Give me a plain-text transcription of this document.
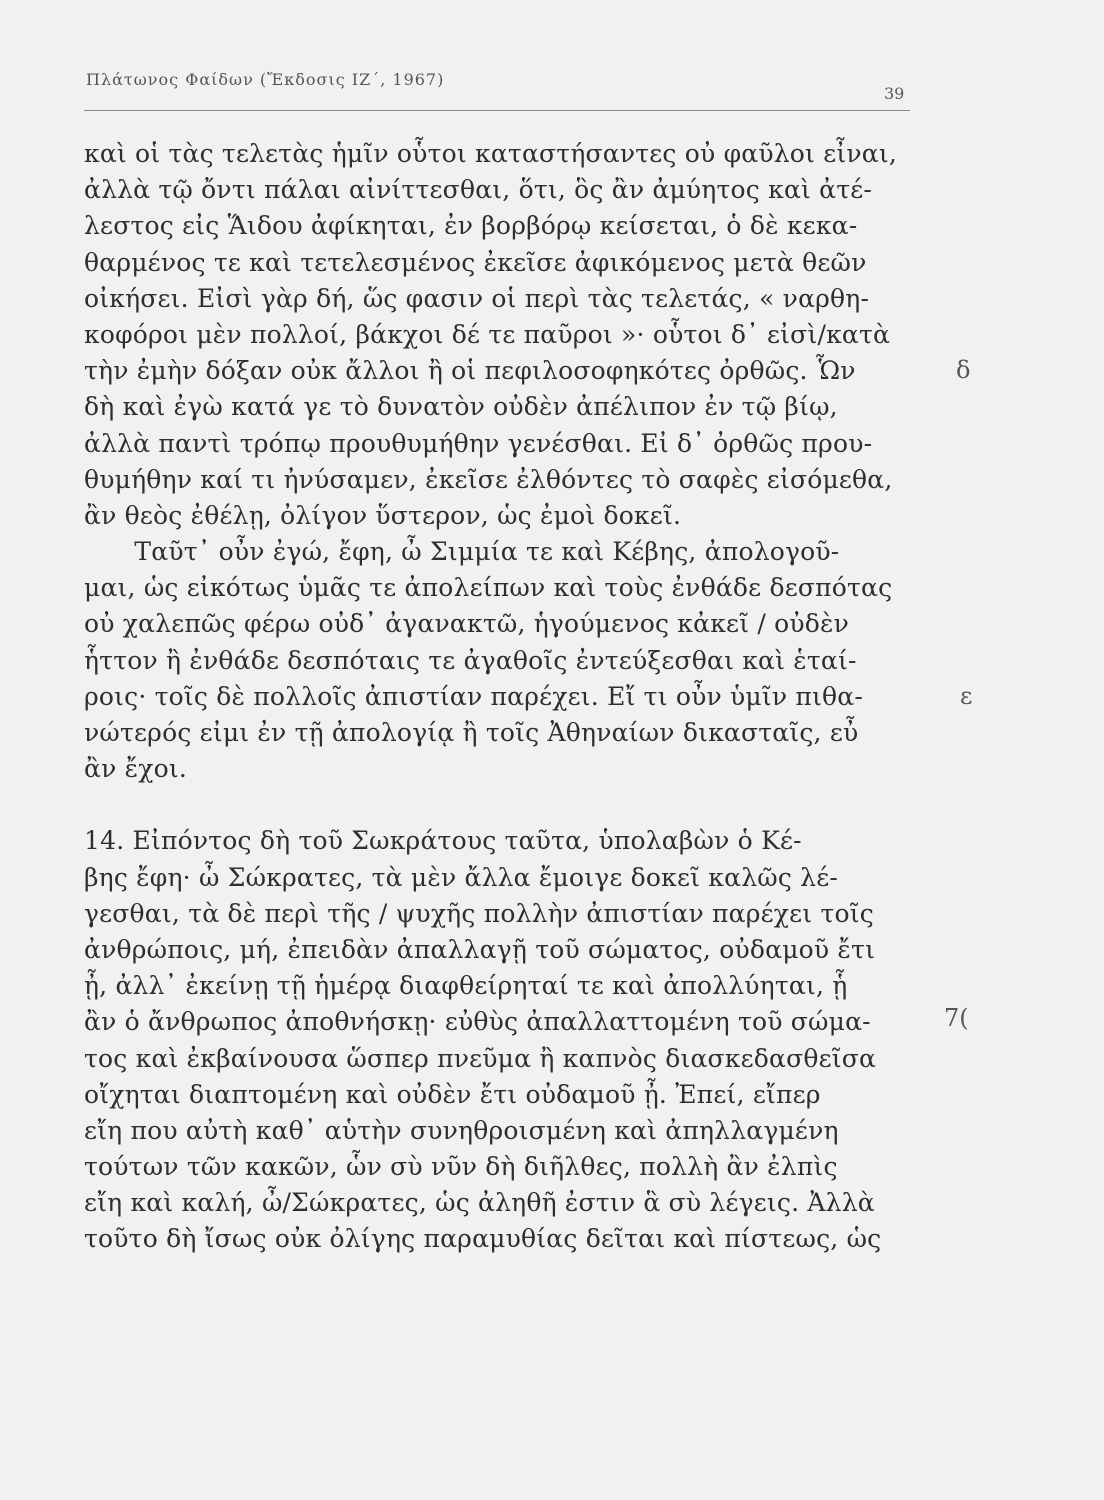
Πλάτωνος Φαίδων (Ἔκδοσις ΙΖ΄, 1967)
39
καὶ οἱ τὰς τελετὰς ἡμῖν οὗτοι καταστήσαντες οὐ φαῦλοι εἶναι,
ἀλλὰ τῷ ὄντι πάλαι αἰνίττεσθαι, ὅτι, ὃς ἂν ἀμύητος καὶ ἀτέ-
λεστος εἰς Ἅιδου ἀφίκηται, ἐν βορβόρῳ κείσεται, ὁ δὲ κεκα-
θαρμένος τε καὶ τετελεσμένος ἐκεῖσε ἀφικόμενος μετὰ θεῶν
οἰκήσει. Εἰσὶ γὰρ δή, ὥς φασιν οἱ περὶ τὰς τελετάς, « ναρθη-
κοφόροι μὲν πολλοί, βάκχοι δέ τε παῦροι »· οὗτοι δ᾽ εἰσὶ/κατὰ
τὴν ἐμὴν δόξαν οὐκ ἄλλοι ἢ οἱ πεφιλοσοφηκότες ὀρθῶς. Ὧν
δὴ καὶ ἐγὼ κατά γε τὸ δυνατὸν οὐδὲν ἀπέλιπον ἐν τῷ βίῳ,
ἀλλὰ παντὶ τρόπῳ προυθυμήθην γενέσθαι. Εἰ δ᾽ ὀρθῶς πρου-
θυμήθην καί τι ἠνύσαμεν, ἐκεῖσε ἐλθόντες τὸ σαφὲς εἰσόμεθα,
ἂν θεὸς ἐθέλῃ, ὀλίγον ὕστερον, ὡς ἐμοὶ δοκεῖ.
  Ταῦτ᾽ οὖν ἐγώ, ἔφη, ὦ Σιμμία τε καὶ Κέβης, ἀπολογοῦ-
μαι, ὡς εἰκότως ὑμᾶς τε ἀπολείπων καὶ τοὺς ἐνθάδε δεσπότας
οὐ χαλεπῶς φέρω οὐδ᾽ ἀγανακτῶ, ἡγούμενος κἀκεῖ / οὐδὲν
ἧττον ἢ ἐνθάδε δεσπόταις τε ἀγαθοῖς ἐντεύξεσθαι καὶ ἑταί-
ροις· τοῖς δὲ πολλοῖς ἀπιστίαν παρέχει. Εἴ τι οὖν ὑμῖν πιθα-
νώτερός εἰμι ἐν τῇ ἀπολογίᾳ ἢ τοῖς Ἀθηναίων δικασταῖς, εὖ
ἂν ἔχοι.
14. Εἰπόντος δὴ τοῦ Σωκράτους ταῦτα, ὑπολαβὼν ὁ Κέ-
βης ἔφη· ὦ Σώκρατες, τὰ μὲν ἄλλα ἔμοιγε δοκεῖ καλῶς λέ-
γεσθαι, τὰ δὲ περὶ τῆς / ψυχῆς πολλὴν ἀπιστίαν παρέχει τοῖς
ἀνθρώποις, μή, ἐπειδὰν ἀπαλλαγῇ τοῦ σώματος, οὐδαμοῦ ἔτι
ᾖ, ἀλλ᾽ ἐκείνῃ τῇ ἡμέρᾳ διαφθείρηταί τε καὶ ἀπολλύηται, ᾗ
ἂν ὁ ἄνθρωπος ἀποθνήσκῃ· εὐθὺς ἀπαλλαττομένη τοῦ σώμα-
τος καὶ ἐκβαίνουσα ὥσπερ πνεῦμα ἢ καπνὸς διασκεδασθεῖσα
οἴχηται διαπτομένη καὶ οὐδὲν ἔτι οὐδαμοῦ ᾖ. Ἐπεί, εἴπερ
εἴη που αὐτὴ καθ᾽ αὑτὴν συνηθροισμένη καὶ ἀπηλλαγμένη
τούτων τῶν κακῶν, ὧν σὺ νῦν δὴ διῆλθες, πολλὴ ἂν ἐλπὶς
εἴη καὶ καλή, ὦ/Σώκρατες, ὡς ἀληθῆ ἐστιν ἃ σὺ λέγεις. Ἀλλὰ
τοῦτο δὴ ἴσως οὐκ ὀλίγης παραμυθίας δεῖται καὶ πίστεως, ὡς
δ
ε
7(
